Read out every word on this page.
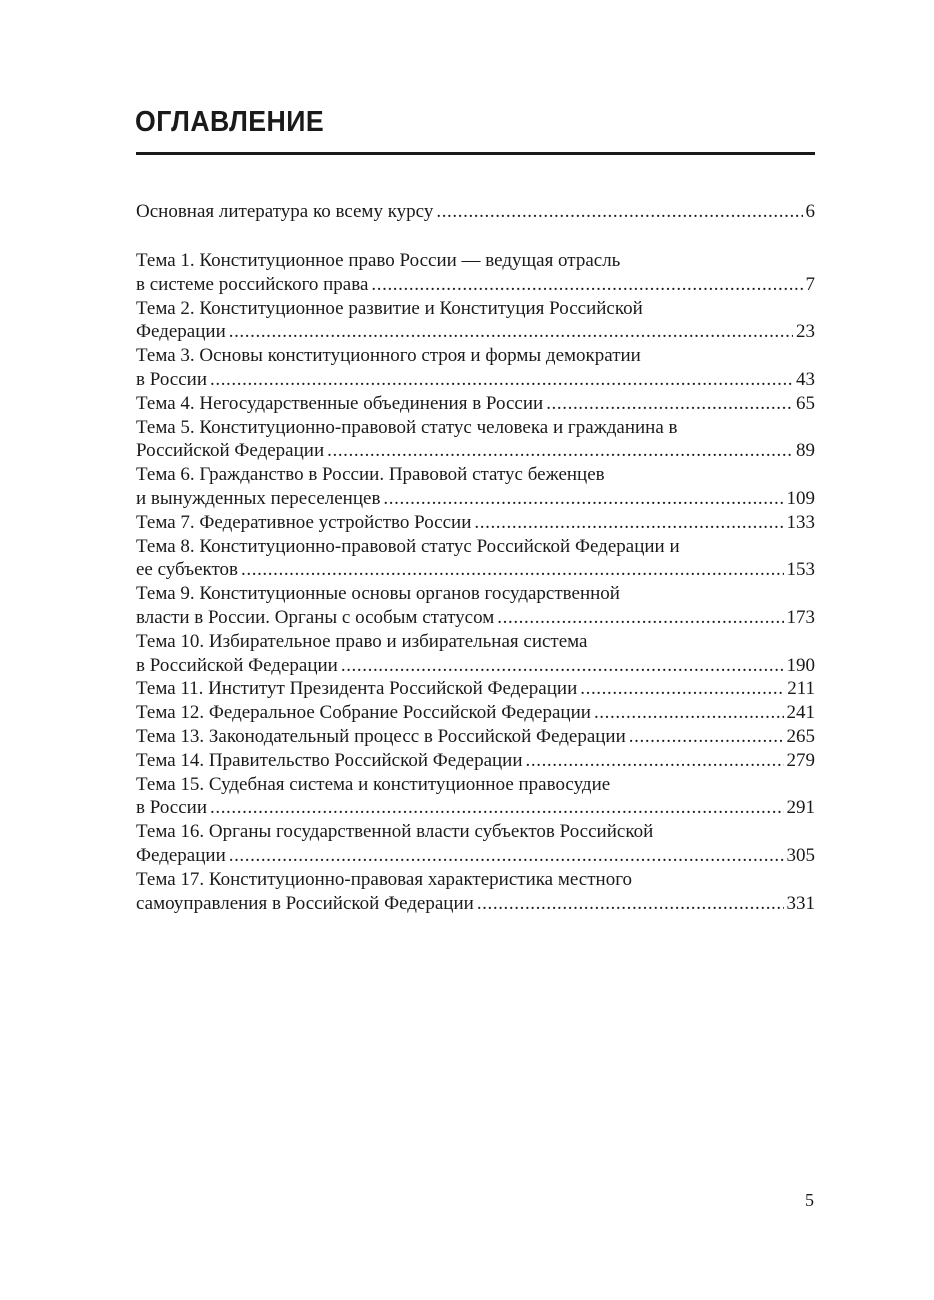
ОГЛАВЛЕНИЕ
Основная литература ко всему курсу .....	6
Тема 1. Конституционное право России — ведущая отрасль
в системе российского права .....	7
Тема 2. Конституционное развитие и Конституция Российской
Федерации .....	23
Тема 3. Основы конституционного строя и формы демократии
в России .....	43
Тема 4. Негосударственные объединения в России .....	65
Тема 5. Конституционно-правовой статус человека и гражданина в
Российской Федерации .....	89
Тема 6. Гражданство в России. Правовой статус беженцев
и вынужденных переселенцев .....	109
Тема 7. Федеративное устройство России .....	133
Тема 8. Конституционно-правовой статус Российской Федерации и
ее субъектов .....	153
Тема 9. Конституционные основы органов государственной
власти в России. Органы с особым статусом .....	173
Тема 10. Избирательное право и избирательная система
в Российской Федерации .....	190
Тема 11. Институт Президента Российской Федерации .....	211
Тема 12. Федеральное Собрание Российской Федерации .....	241
Тема 13. Законодательный процесс в Российской Федерации .....	265
Тема 14. Правительство Российской Федерации .....	279
Тема 15. Судебная система и конституционное правосудие
в России .....	291
Тема 16. Органы государственной власти субъектов Российской
Федерации .....	305
Тема 17. Конституционно-правовая характеристика местного
самоуправления в Российской Федерации .....	331
5
